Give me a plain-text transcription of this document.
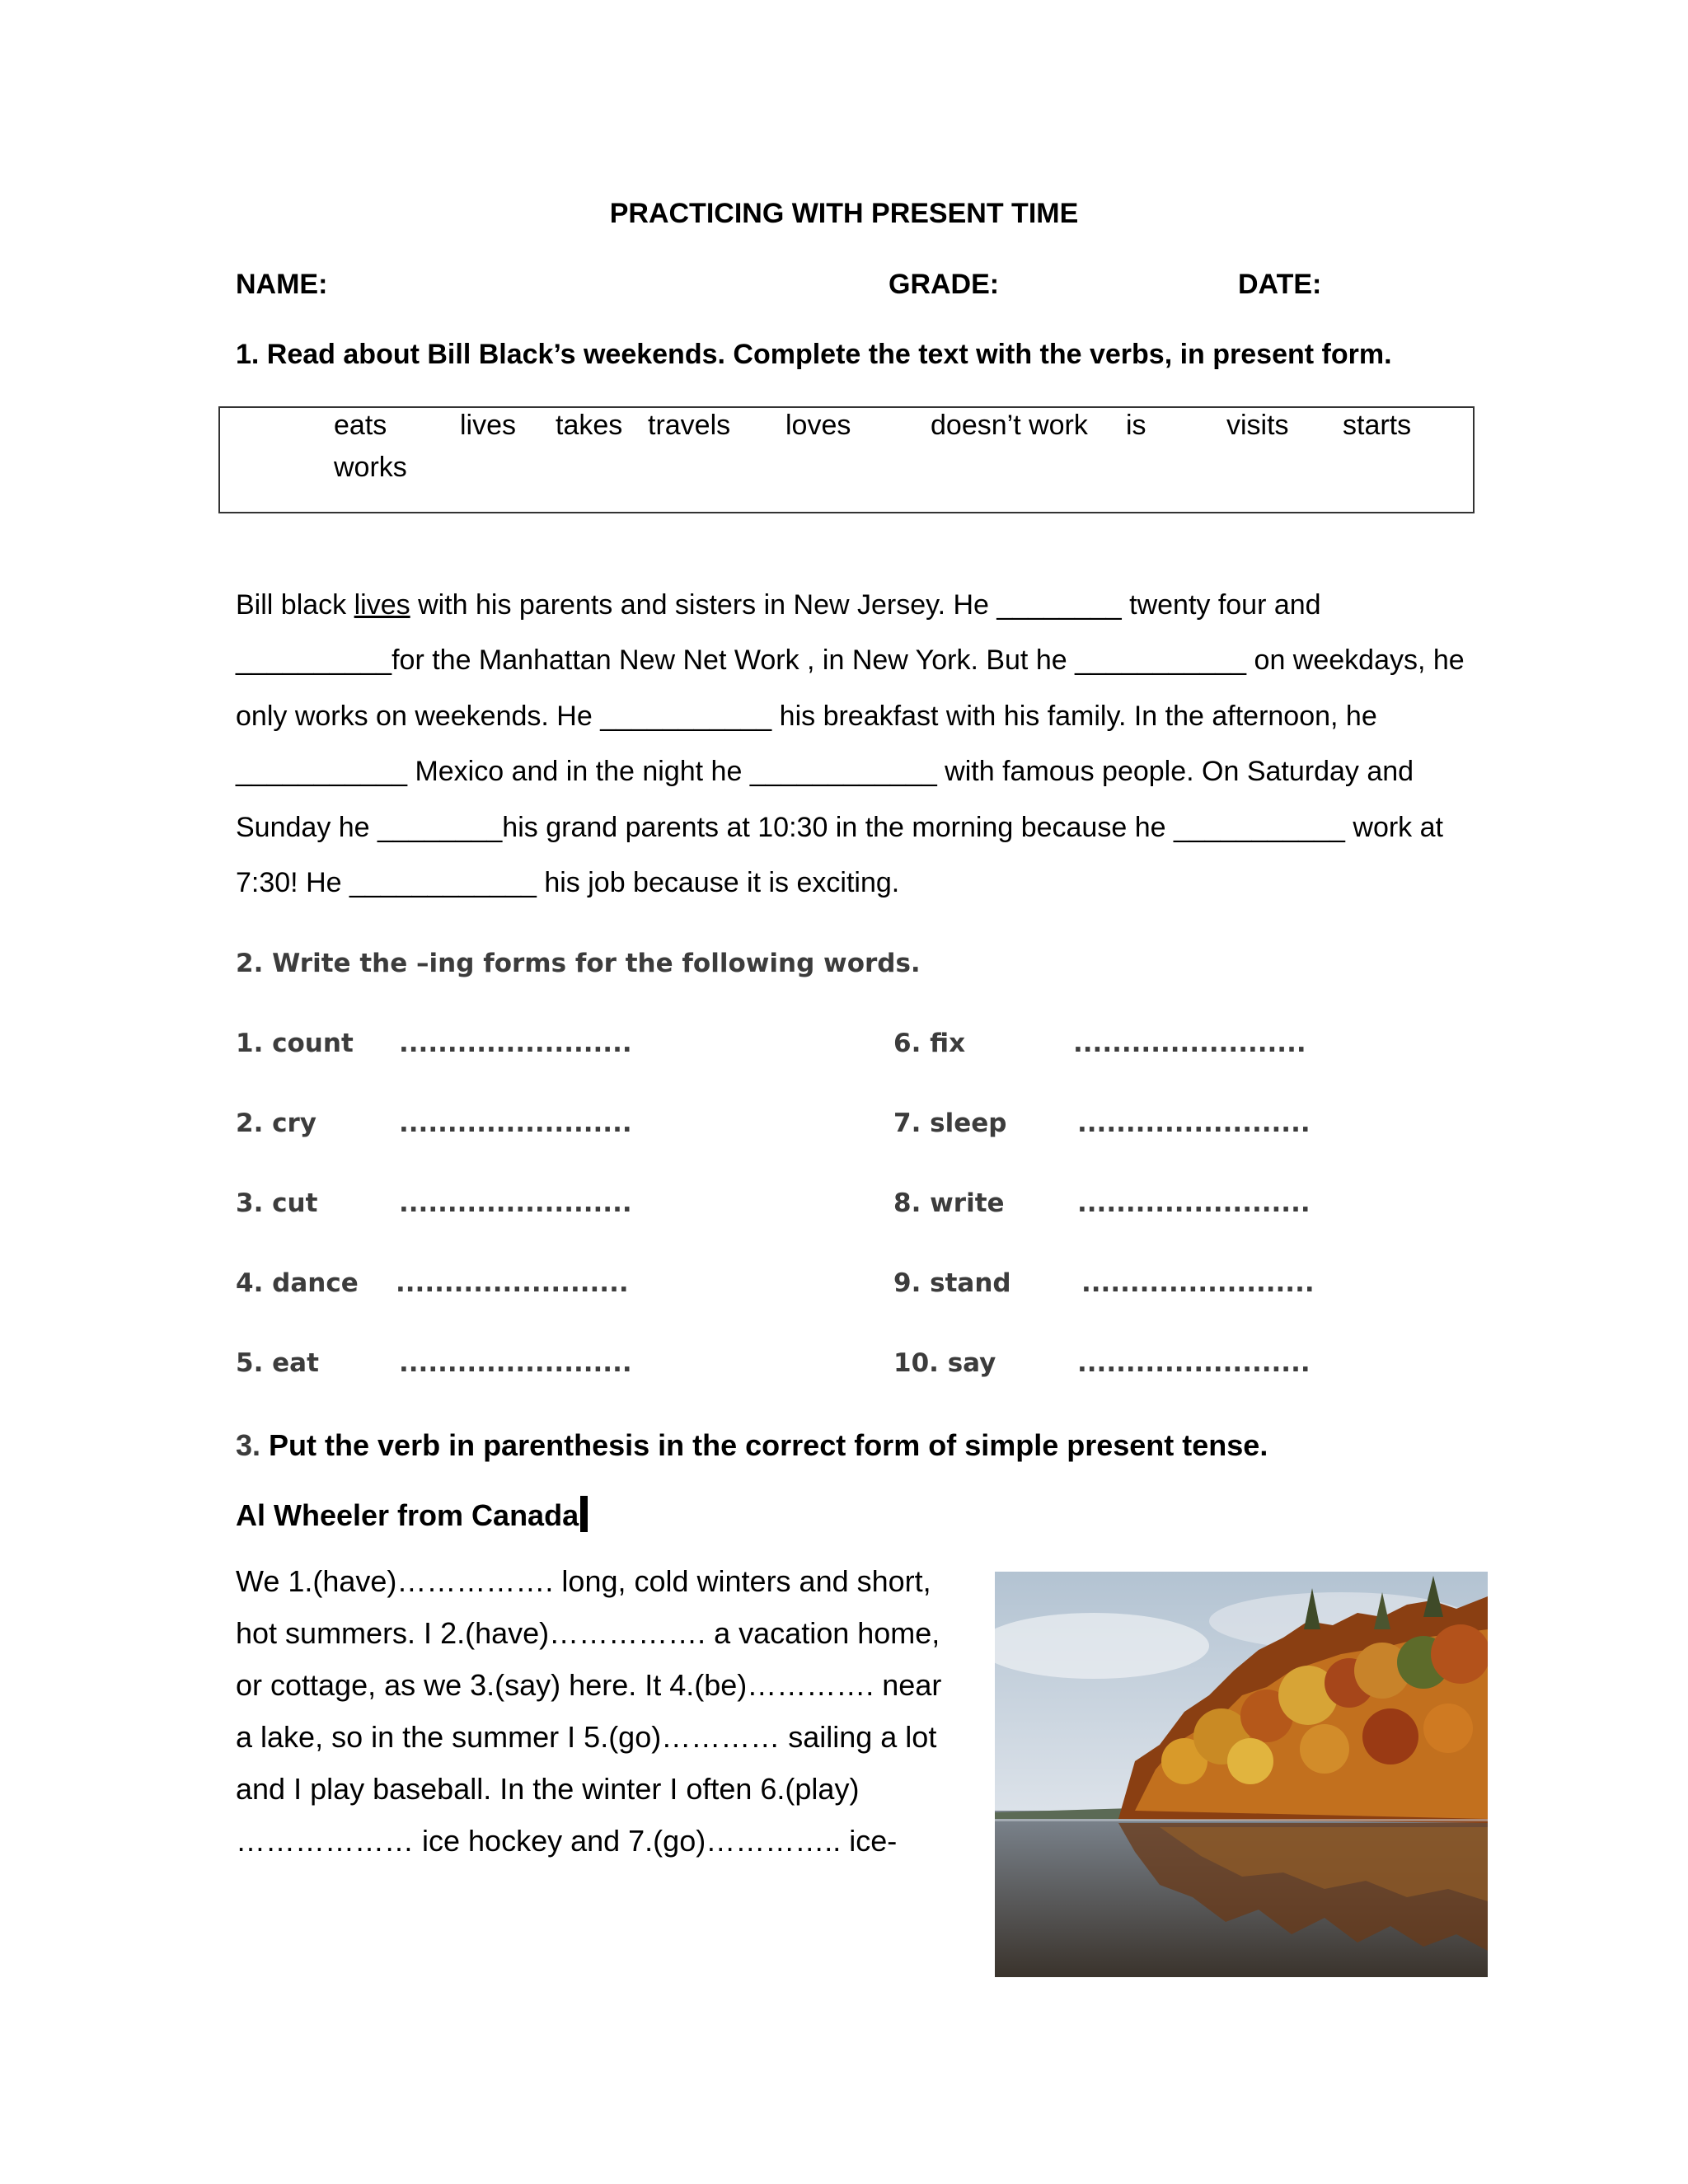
PRACTICING WITH PRESENT TIME
NAME:	GRADE:	DATE:
1. Read about Bill Black’s weekends. Complete the text with the verbs, in present form.
eats	lives takes travels loves	doesn’t work is	visits starts
works
Bill black lives with his parents and sisters in New Jersey. He ________ twenty four and
__________for the Manhattan New Net Work , in New York. But he ___________ on weekdays, he
only works on weekends. He ___________ his breakfast with his family. In the afternoon, he
___________ Mexico and in the night he ____________ with famous people. On Saturday and
Sunday he ________his grand parents at 10:30 in the morning because he ___________ work at
7:30! He ____________ his job because it is exciting.
2. Write the –ing forms for the following words.
1. count ........................
2. cry	........................
3. cut	........................
4. dance ........................
5. eat	........................
6. fix	........................
7. sleep	........................
8. write	........................
9. stand	........................
10. say	........................
3. Put the verb in parenthesis in the correct form of simple present tense.
Al Wheeler from Canada
We 1.(have)……………. long, cold winters and short,
hot summers. I 2.(have)……………. a vacation home,
or cottage, as we 3.(say) here. It 4.(be)…………. near
a lake, so in the summer I 5.(go)………… sailing a lot
and I play baseball. In the winter I often 6.(play)
……………… ice hockey and 7.(go)………….. ice-
